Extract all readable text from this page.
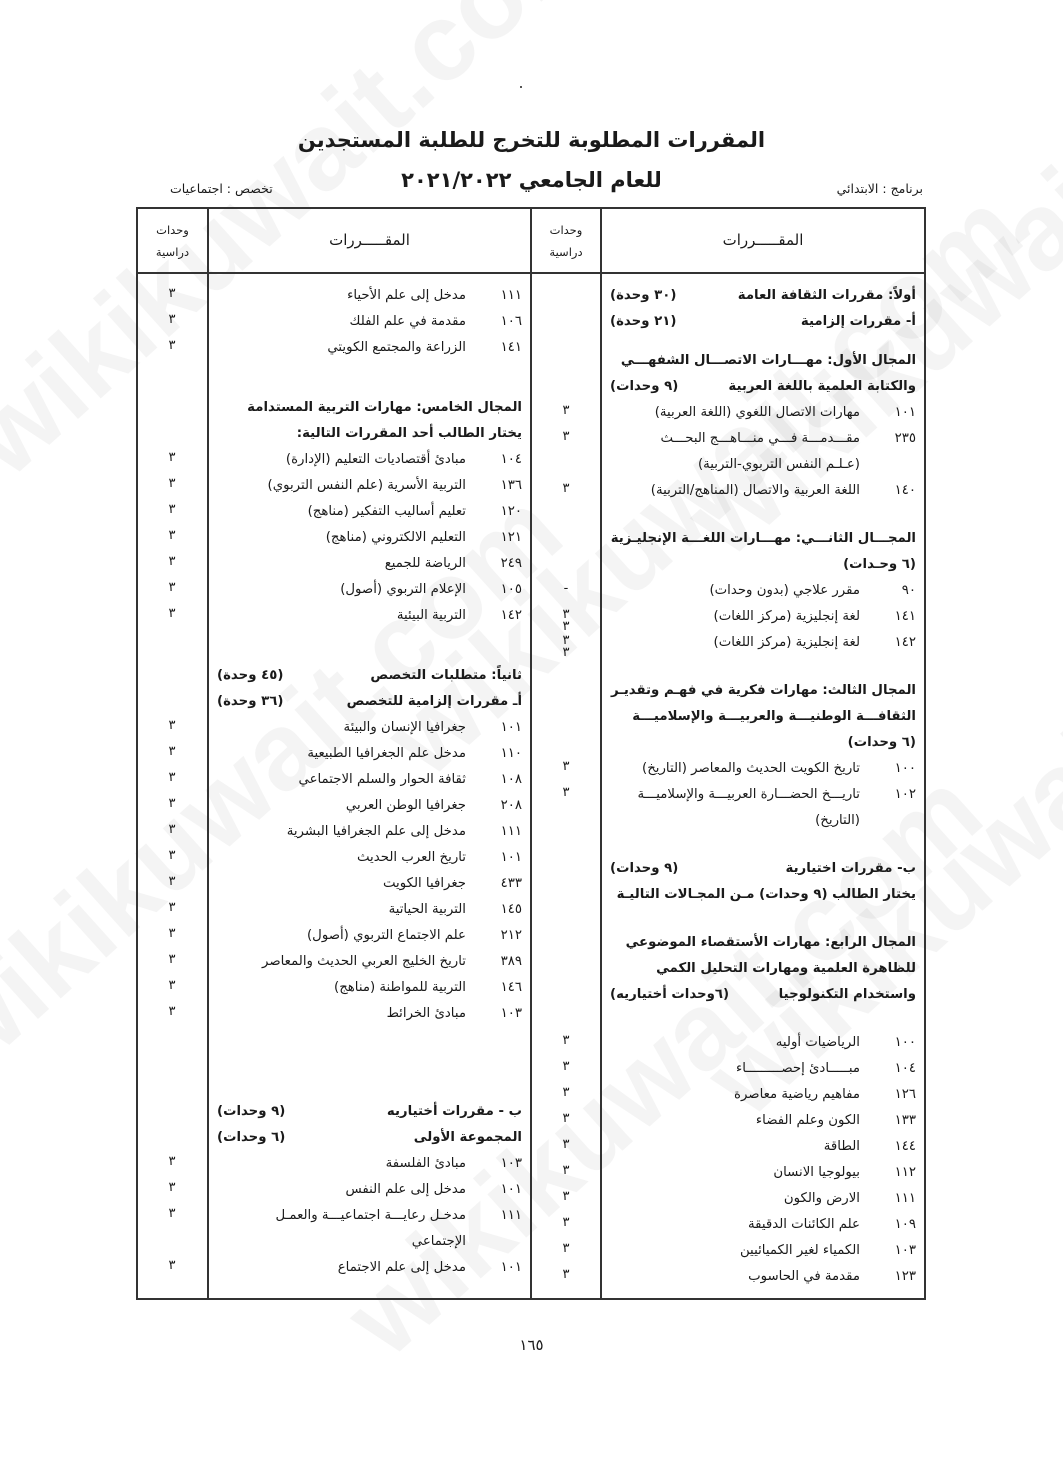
المقررات المطلوبة للتخرج للطلبة المستجدين
للعام الجامعي ٢٠٢١/٢٠٢٢	برنامج : الابتدائي
تخصص : اجتماعيات
وحدات
دراسية
المقـــــررات
وحدات
دراسية
المقـــــررات
أولاً: مقررات الثقافة العامة
(٣٠ وحدة)
أ- مقررات إلزامية
(٢١ وحدة)
المجال الأول: مهـــارات الاتصـــال الشفهـــي
والكتابة العلمية باللغة العربية
(٩ وحدات)
١٠١
مهارات الاتصال اللغوي (اللغة العربية)
٢٣٥
مقـــدمـــة فـــي منـــاهـــج البحـــث
(عـلـم النفس التربوي-التربية)
١٤٠
اللغة العربية والاتصال (المناهج/التربية)
المجـــال الثانـــي: مهـــارات اللغـــة الإنجليـزية
(٦ وحـدات)
٩٠
مقرر علاجي (بدون وحدات)
١٤١
لغة إنجليزية (مركز اللغات)
١٤٢
لغة إنجليزية (مركز اللغات)
المجال الثالث: مهارات فكرية في فهـم وتقديـر
الثقافـــة الوطنيـــة والعربيـــة والإسلاميـــة
(٦ وحدات)
١٠٠
تاريخ الكويت الحديث والمعاصر (التاريخ)
١٠٢
تاريـــخ الحضـــارة العربيـــة والإسلاميـــة
(التاريخ)
ب- مقررات اختيارية
(٩ وحدات)
يختار الطالب (٩ وحدات) مـن المجـالات التاليـة
المجال الرابع: مهارات الأستقصاء الموضوعي
للظاهرة العلمية ومهارات التحليل الكمي
واستخدام التكنولوجيا
(٦وحدات أختياريه)
١٠٠
الرياضيات أوليه
١٠٤
مبـــــادئ إحصـــــــــاء
١٢٦
مفاهيم رياضية معاصرة
١٣٣
الكون وعلم الفضاء
١٤٤
الطاقة
١١٢
بيولوجيا الانسان
١١١
الارض والكون
١٠٩
علم الكائنات الدقيقة
١٠٣
الكمياء لغير الكميائيين
١٢٣
مقدمة في الحاسوب
٣
٣
٣
-
٣
٣
٣
٣
٣
٣
٣
٣
٣
٣
٣
٣
٣
٣
٣
٣
١١١
مدخل إلى علم الأحياء
١٠٦
مقدمة في علم الفلك
١٤١
الزراعة والمجتمع الكويتي
المجال الخامس: مهارات التربية المستدامة
يختار الطالب أحد المقررات التالية:
١٠٤
مبادئ أقتصاديات التعليم (الإدارة)
١٣٦
التربية الأسرية (علم النفس التربوي)
١٢٠
تعليم أساليب التفكير (مناهج)
١٢١
التعليم الالكتروني (مناهج)
٢٤٩
الرياضة للجميع
١٠٥
الإعلام التربوي (أصول)
١٤٢
التربية البيئية
ثانياً: متطلبات التخصص
(٤٥ وحدة)
أـ مقررات إلزامية للتخصص
(٣٦ وحدة)
١٠١
جغرافيا الإنسان والبيئة
١١٠
مدخل علم الجغرافيا الطبيعية
١٠٨
ثقافة الحوار والسلم الاجتماعي
٢٠٨
جغرافيا الوطن العربي
١١١
مدخل إلى علم الجغرافيا البشرية
١٠١
تاريخ العرب الحديث
٤٣٣
جغرافيا الكويت
١٤٥
التربية الحياتية
٢١٢
علم الاجتماع التربوي (أصول)
٣٨٩
تاريخ الخليج العربي الحديث والمعاصر
١٤٦
التربية للمواطنة (مناهج)
١٠٣
مبادئ الخرائط
ب - مقررات أختياريه
(٩ وحدات)
المجموعة الأولى
(٦ وحدات)
١٠٣
مبادئ الفلسفة
١٠١
مدخل إلى علم النفس
١١١
مدخـل رعايـــة اجتماعيـــة والعمـل
الإجتماعي
١٠١
مدخل إلى علم الاجتماع
٣
٣
٣
٣
٣
٣
٣
٣
٣
٣
٣
٣
٣
٣
٣
٣
٣
٣
٣
٣
٣
٣
٣
٣
٣
٣
١٦٥
